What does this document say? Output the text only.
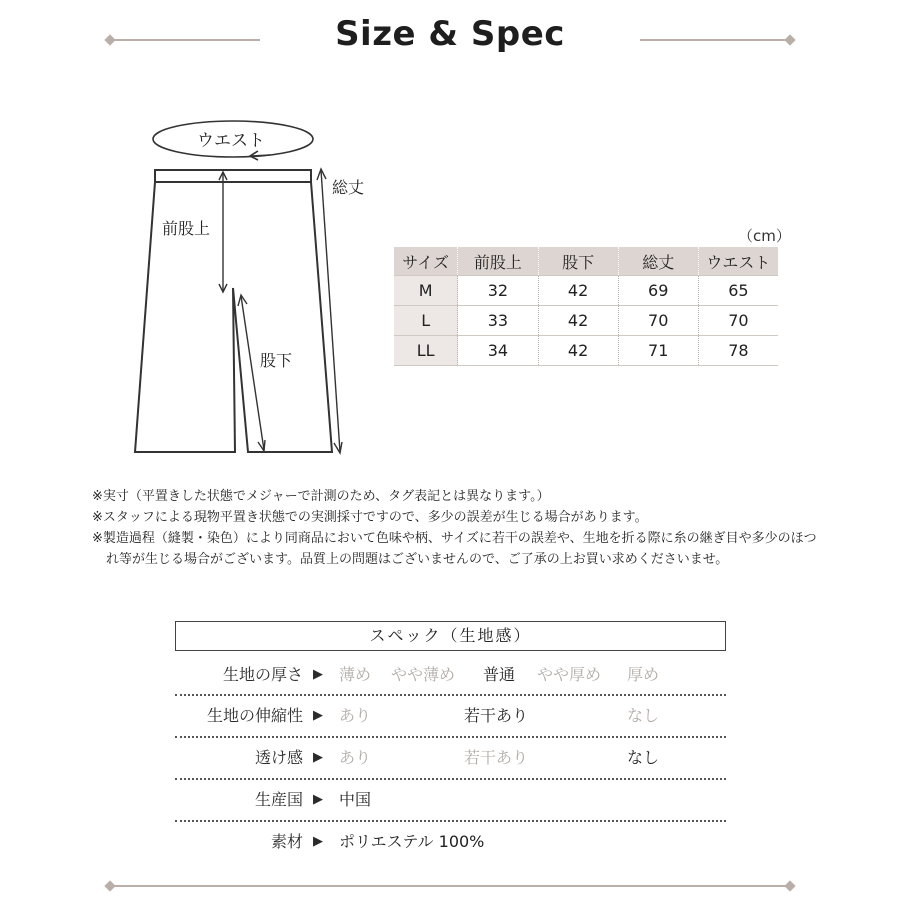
Size & Spec
ウエスト
前股上
股下
総丈
（cm）
サイズ	前股上	股下	総丈	ウエスト
M	32	42	69	65
L	33	42	70	70
LL	34	42	71	78

※実寸（平置きした状態でメジャーで計測のため、タグ表記とは異なります。）

※スタッフによる現物平置き状態での実測採寸ですので、多少の誤差が生じる場合があります。

※製造過程（縫製・染色）により同商品において色味や柄、サイズに若干の誤差や、生地を折る際に糸の継ぎ目や多少のほつれ等が生じる場合がございます。品質上の問題はございませんので、ご了承の上お買い求めくださいませ。

スペック（生地感）
生地の厚さ ▶ 薄め やや薄め 普通 やや厚め 厚め
生地の伸縮性 ▶ あり	若干あり	なし
透け感 ▶ あり	若干あり	なし
生産国 ▶ 中国
素材 ▶ ポリエステル 100%
